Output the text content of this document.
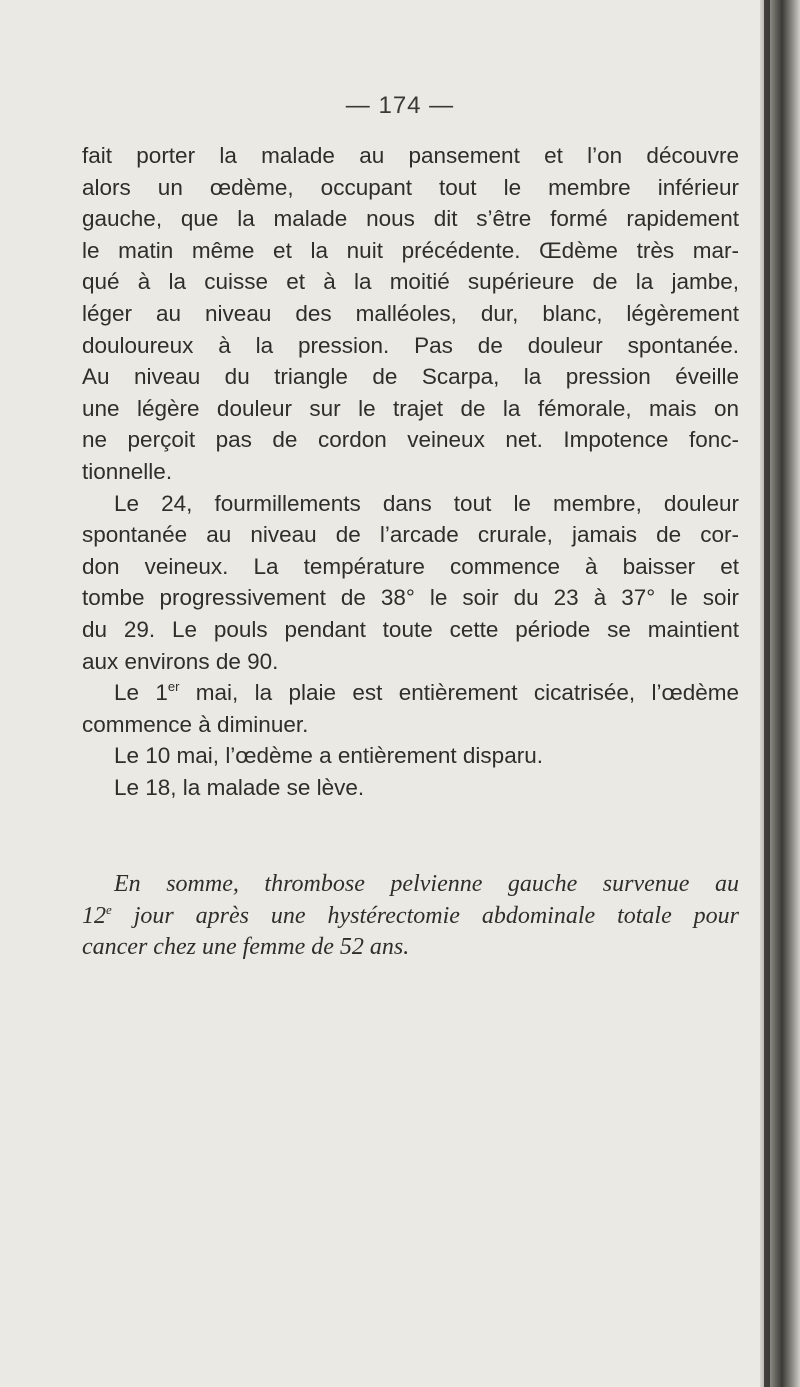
— 174 —
fait porter la malade au pansement et l’on découvre
alors un œdème, occupant tout le membre inférieur
gauche, que la malade nous dit s’être formé rapidement
le matin même et la nuit précédente. Œdème très mar-
qué à la cuisse et à la moitié supérieure de la jambe,
léger au niveau des malléoles, dur, blanc, légèrement
douloureux à la pression. Pas de douleur spontanée.
Au niveau du triangle de Scarpa, la pression éveille
une légère douleur sur le trajet de la fémorale, mais on
ne perçoit pas de cordon veineux net. Impotence fonc-
tionnelle.
Le 24, fourmillements dans tout le membre, douleur
spontanée au niveau de l’arcade crurale, jamais de cor-
don veineux. La température commence à baisser et
tombe progressivement de 38° le soir du 23 à 37° le soir
du 29. Le pouls pendant toute cette période se maintient
aux environs de 90.
Le 1er mai, la plaie est entièrement cicatrisée, l’œdème
commence à diminuer.
Le 10 mai, l’œdème a entièrement disparu.
Le 18, la malade se lève.
En somme, thrombose pelvienne gauche survenue au
12e jour après une hystérectomie abdominale totale pour
cancer chez une femme de 52 ans.
